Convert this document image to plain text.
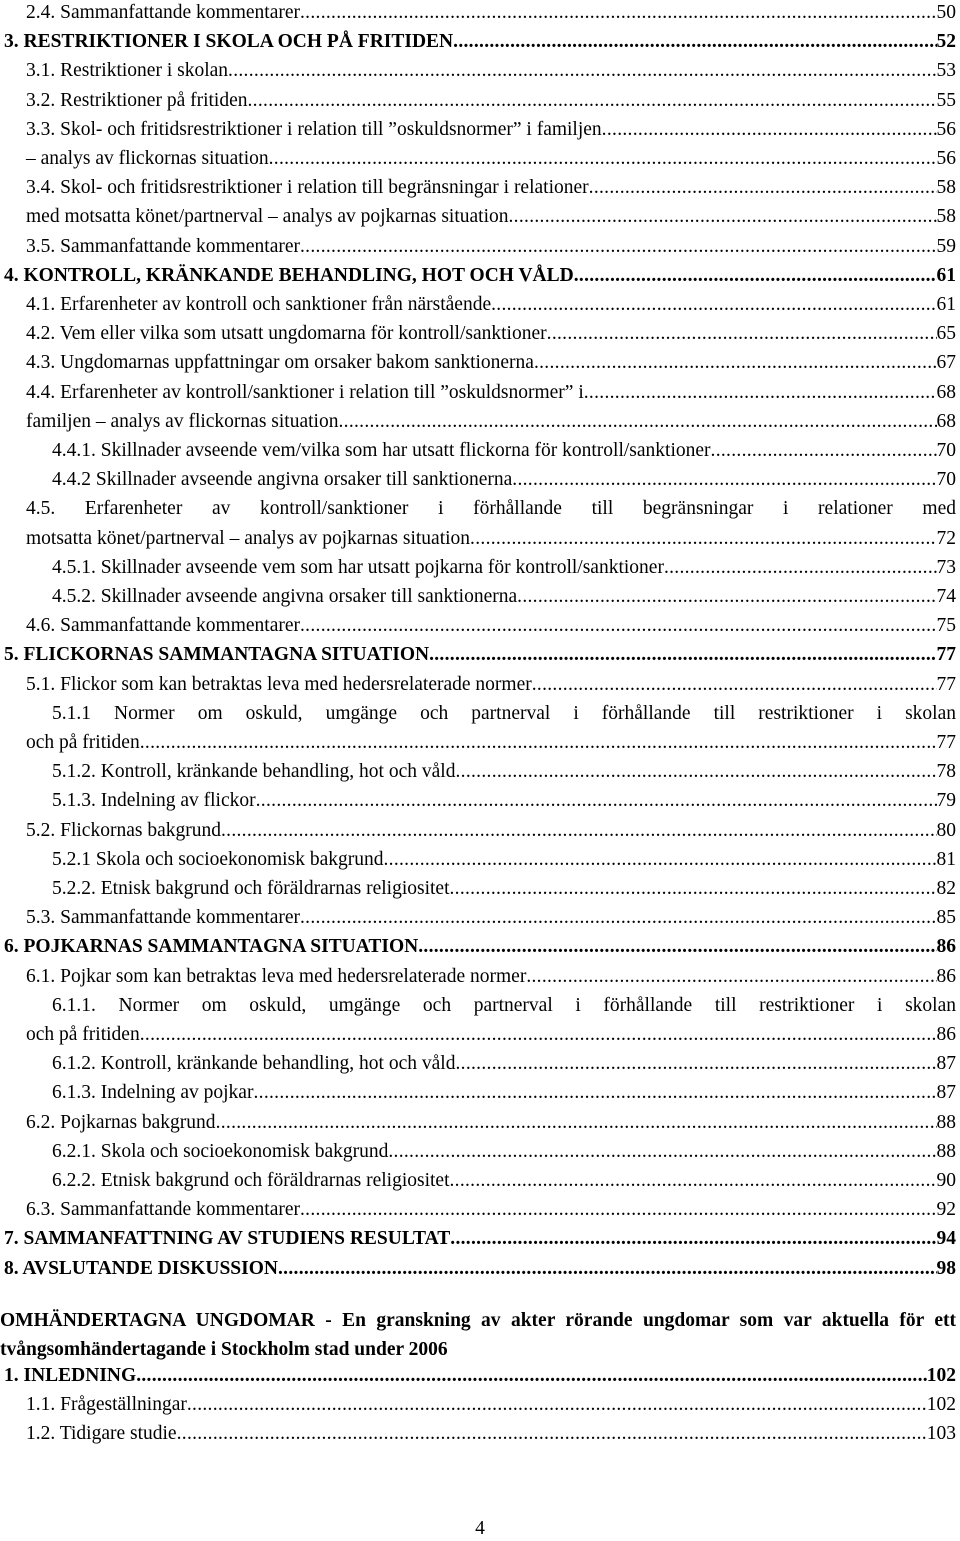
2.4. Sammanfattande kommentarer .....	50
3. RESTRIKTIONER I SKOLA OCH PÅ FRITIDEN .....	52
3.1. Restriktioner i skolan .....	53
3.2. Restriktioner på fritiden .....	55
3.3. Skol- och fritidsrestriktioner i relation till ”oskuldsnormer” i familjen .....	56
– analys av flickornas situation .....	56
3.4. Skol- och fritidsrestriktioner i relation till begränsningar i relationer .....	58
med motsatta könet/partnerval – analys av pojkarnas situation .....	58
3.5. Sammanfattande kommentarer .....	59
4. KONTROLL, KRÄNKANDE BEHANDLING, HOT OCH VÅLD .....	61
4.1. Erfarenheter av kontroll och sanktioner från närstående .....	61
4.2. Vem eller vilka som utsatt ungdomarna för kontroll/sanktioner .....	65
4.3. Ungdomarnas uppfattningar om orsaker bakom sanktionerna .....	67
4.4. Erfarenheter av kontroll/sanktioner i relation till ”oskuldsnormer” i .....	68
familjen – analys av flickornas situation .....	68
4.4.1. Skillnader avseende vem/vilka som har utsatt flickorna för kontroll/sanktioner .....	70
4.4.2 Skillnader avseende angivna orsaker till sanktionerna .....	70
4.5. Erfarenheter av kontroll/sanktioner i förhållande till begränsningar i relationer med
motsatta könet/partnerval – analys av pojkarnas situation .....	72
4.5.1. Skillnader avseende vem som har utsatt pojkarna för kontroll/sanktioner .....	73
4.5.2. Skillnader avseende angivna orsaker till sanktionerna .....	74
4.6. Sammanfattande kommentarer .....	75
5. FLICKORNAS SAMMANTAGNA SITUATION .....	77
5.1. Flickor som kan betraktas leva med hedersrelaterade normer .....	77
5.1.1 Normer om oskuld, umgänge och partnerval i förhållande till restriktioner i skolan
och på fritiden .....	77
5.1.2. Kontroll, kränkande behandling, hot och våld .....	78
5.1.3. Indelning av flickor .....	79
5.2. Flickornas bakgrund .....	80
5.2.1 Skola och socioekonomisk bakgrund .....	81
5.2.2. Etnisk bakgrund och föräldrarnas religiositet .....	82
5.3. Sammanfattande kommentarer .....	85
6. POJKARNAS SAMMANTAGNA SITUATION .....	86
6.1. Pojkar som kan betraktas leva med hedersrelaterade normer .....	86
6.1.1. Normer om oskuld, umgänge och partnerval i förhållande till restriktioner i skolan
och på fritiden .....	86
6.1.2. Kontroll, kränkande behandling, hot och våld .....	87
6.1.3. Indelning av pojkar .....	87
6.2. Pojkarnas bakgrund .....	88
6.2.1. Skola och socioekonomisk bakgrund .....	88
6.2.2. Etnisk bakgrund och föräldrarnas religiositet .....	90
6.3. Sammanfattande kommentarer .....	92
7. SAMMANFATTNING AV STUDIENS RESULTAT .....	94
8. AVSLUTANDE DISKUSSION .....	98
OMHÄNDERTAGNA UNGDOMAR - En granskning av akter rörande ungdomar som var aktuella för ett tvångsomhändertagande i Stockholm stad under 2006
1. INLEDNING .....	102
1.1. Frågeställningar .....	102
1.2. Tidigare studie .....	103
4
